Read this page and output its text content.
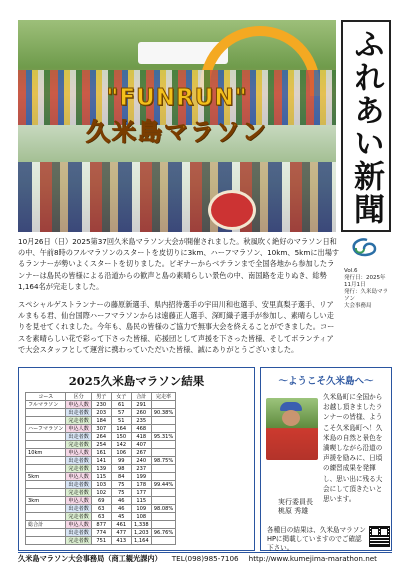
"FUNRUN"
久米島マラソン	ふれあい新聞
Vol.6
発行日：2025年11月1日
発行：久米島マラソン
大会事務局

10月26日（日）2025第37回久米島マラソン大会が開催されました。秋風吹く絶好のマラソン日和の中、午前8時のフルマラソンのスタートを皮切りに3km、ハーフマラソン、10km、5kmに出場するランナーが勢いよくスタートを切りました。ビギナーからベテランまで全国各地から参加したランナーは島民の皆様による沿道からの歓声と島の素晴らしい景色の中、南国路を走りぬき、総勢1,164名が完走しました。

スペシャルゲストランナーの藤原新選手、県内招待選手の宇田川和也選手、安里真梨子選手、リアルまもる君、仙台国際ハーフマラソンからは遠藤正人選手、深町織子選手が参加し、素晴らしい走りを見せてくれました。今年も、島民の皆様のご協力で無事大会を終えることができました。コースを素晴らしい花で彩って下さった皆様、応援団として声援を下さった皆様、そしてボランティアで大会スタッフとして運営に携わっていただいた皆様、誠にありがとうございました。

2025久米島マラソン結果
コース	区分	男子	女子	合計	完走率
フルマラソン	申込人数	230	61	291	
	出走者数	203	57	260	90.38%
	完走者数	184	51	235	
ハーフマラソン	申込人数	307	164	468	
	出走者数	264	150	418	95.31%
	完走者数	254	142	407	
10km	申込人数	161	106	267	
	出走者数	141	99	240	98.75%
	完走者数	139	98	237	
5km	申込人数	115	84	199	
	出走者数	103	75	178	99.44%
	完走者数	102	75	177	
3km	申込人数	69	46	115	
	出走者数	63	46	109	98.08%
	完走者数	63	45	108	
総合計	申込人数	877	461	1,338	
	出走者数	774	477	1,203	96.76%
	完走者数	751	413	1,164	
～ようこそ久米島へ～
久米島町に全国からお越し頂きましたランナーの皆様、ようこそ久米島町へ！久米島の自然と景色を満喫しながら沿道の声援を励みに、日頃の練習成果を発揮し、思い出に残る大会にして頂きたいと思います。
実行委員長
桃原 秀雄
各種目の結果は、久米島マラソンHPに掲載していますのでご確認下さい。
久米島マラソン大会事務局（商工観光課内） TEL(098)985-7106 http://www.kumejima-marathon.net
